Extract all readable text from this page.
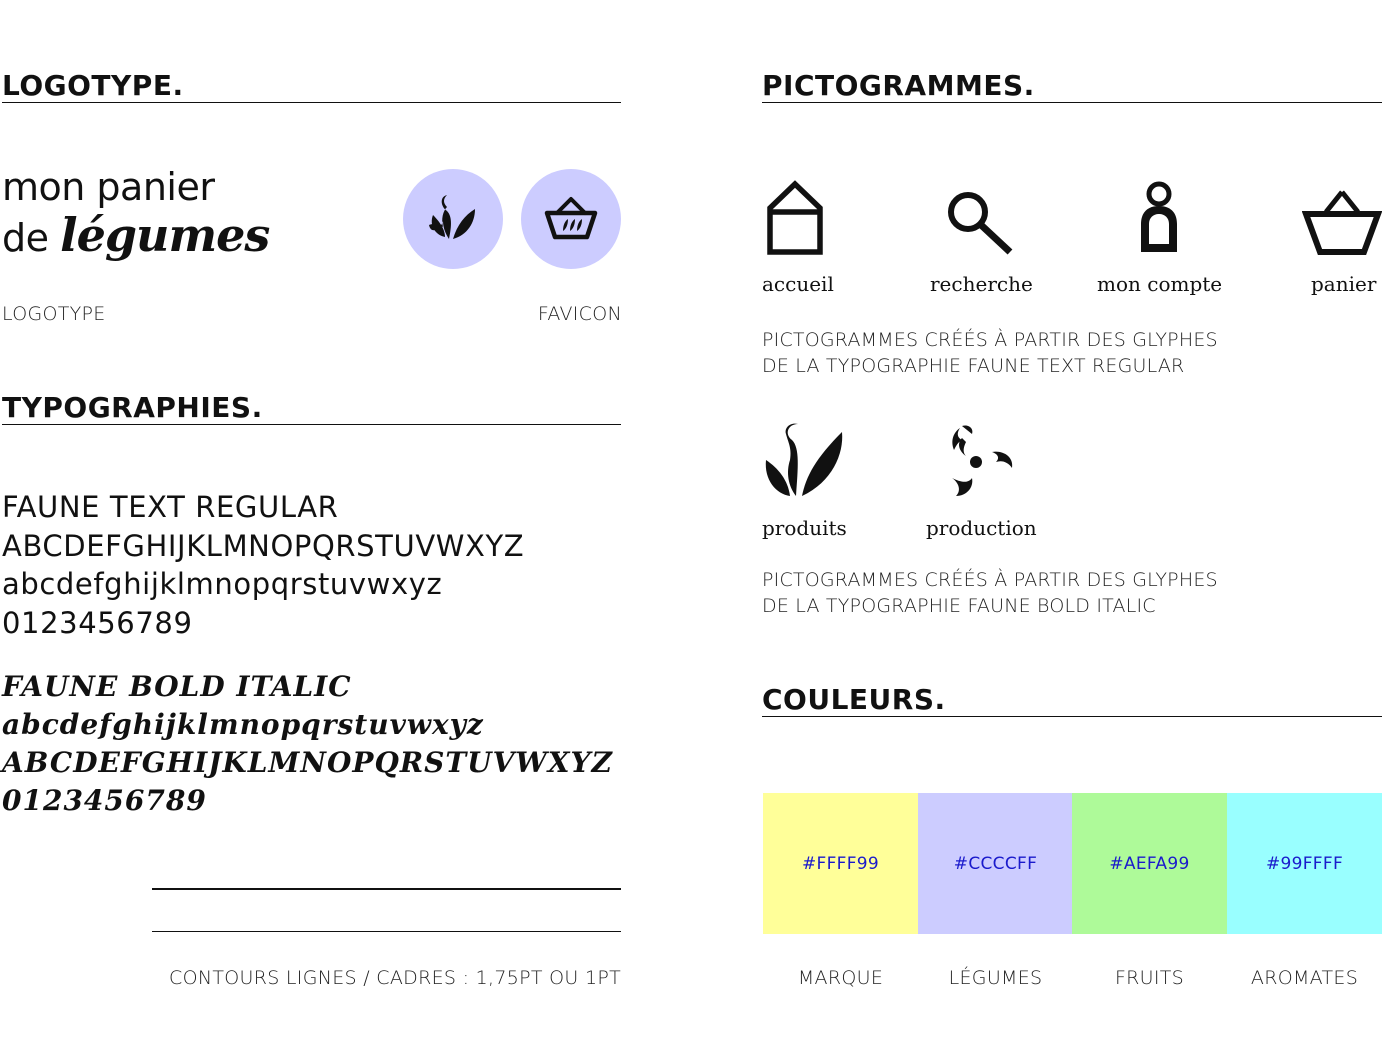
LOGOTYPE.
mon panier
de légumes
LOGOTYPE	FAVICON
TYPOGRAPHIES.
FAUNE TEXT REGULAR
ABCDEFGHIJKLMNOPQRSTUVWXYZ
abcdefghijklmnopqrstuvwxyz
0123456789
FAUNE BOLD ITALIC
abcdefghijklmnopqrstuvwxyz
ABCDEFGHIJKLMNOPQRSTUVWXYZ
0123456789
CONTOURS LIGNES / CADRES : 1,75PT OU 1PT
PICTOGRAMMES.
accueil	recherche	mon compte	panier
PICTOGRAMMES CRÉÉS À PARTIR DES GLYPHES
DE LA TYPOGRAPHIE FAUNE TEXT REGULAR
produits	production
PICTOGRAMMES CRÉÉS À PARTIR DES GLYPHES
DE LA TYPOGRAPHIE FAUNE BOLD ITALIC
COULEURS.
#FFFF99	#CCCCFF	#AEFA99	#99FFFF
MARQUE	LÉGUMES	FRUITS	AROMATES
